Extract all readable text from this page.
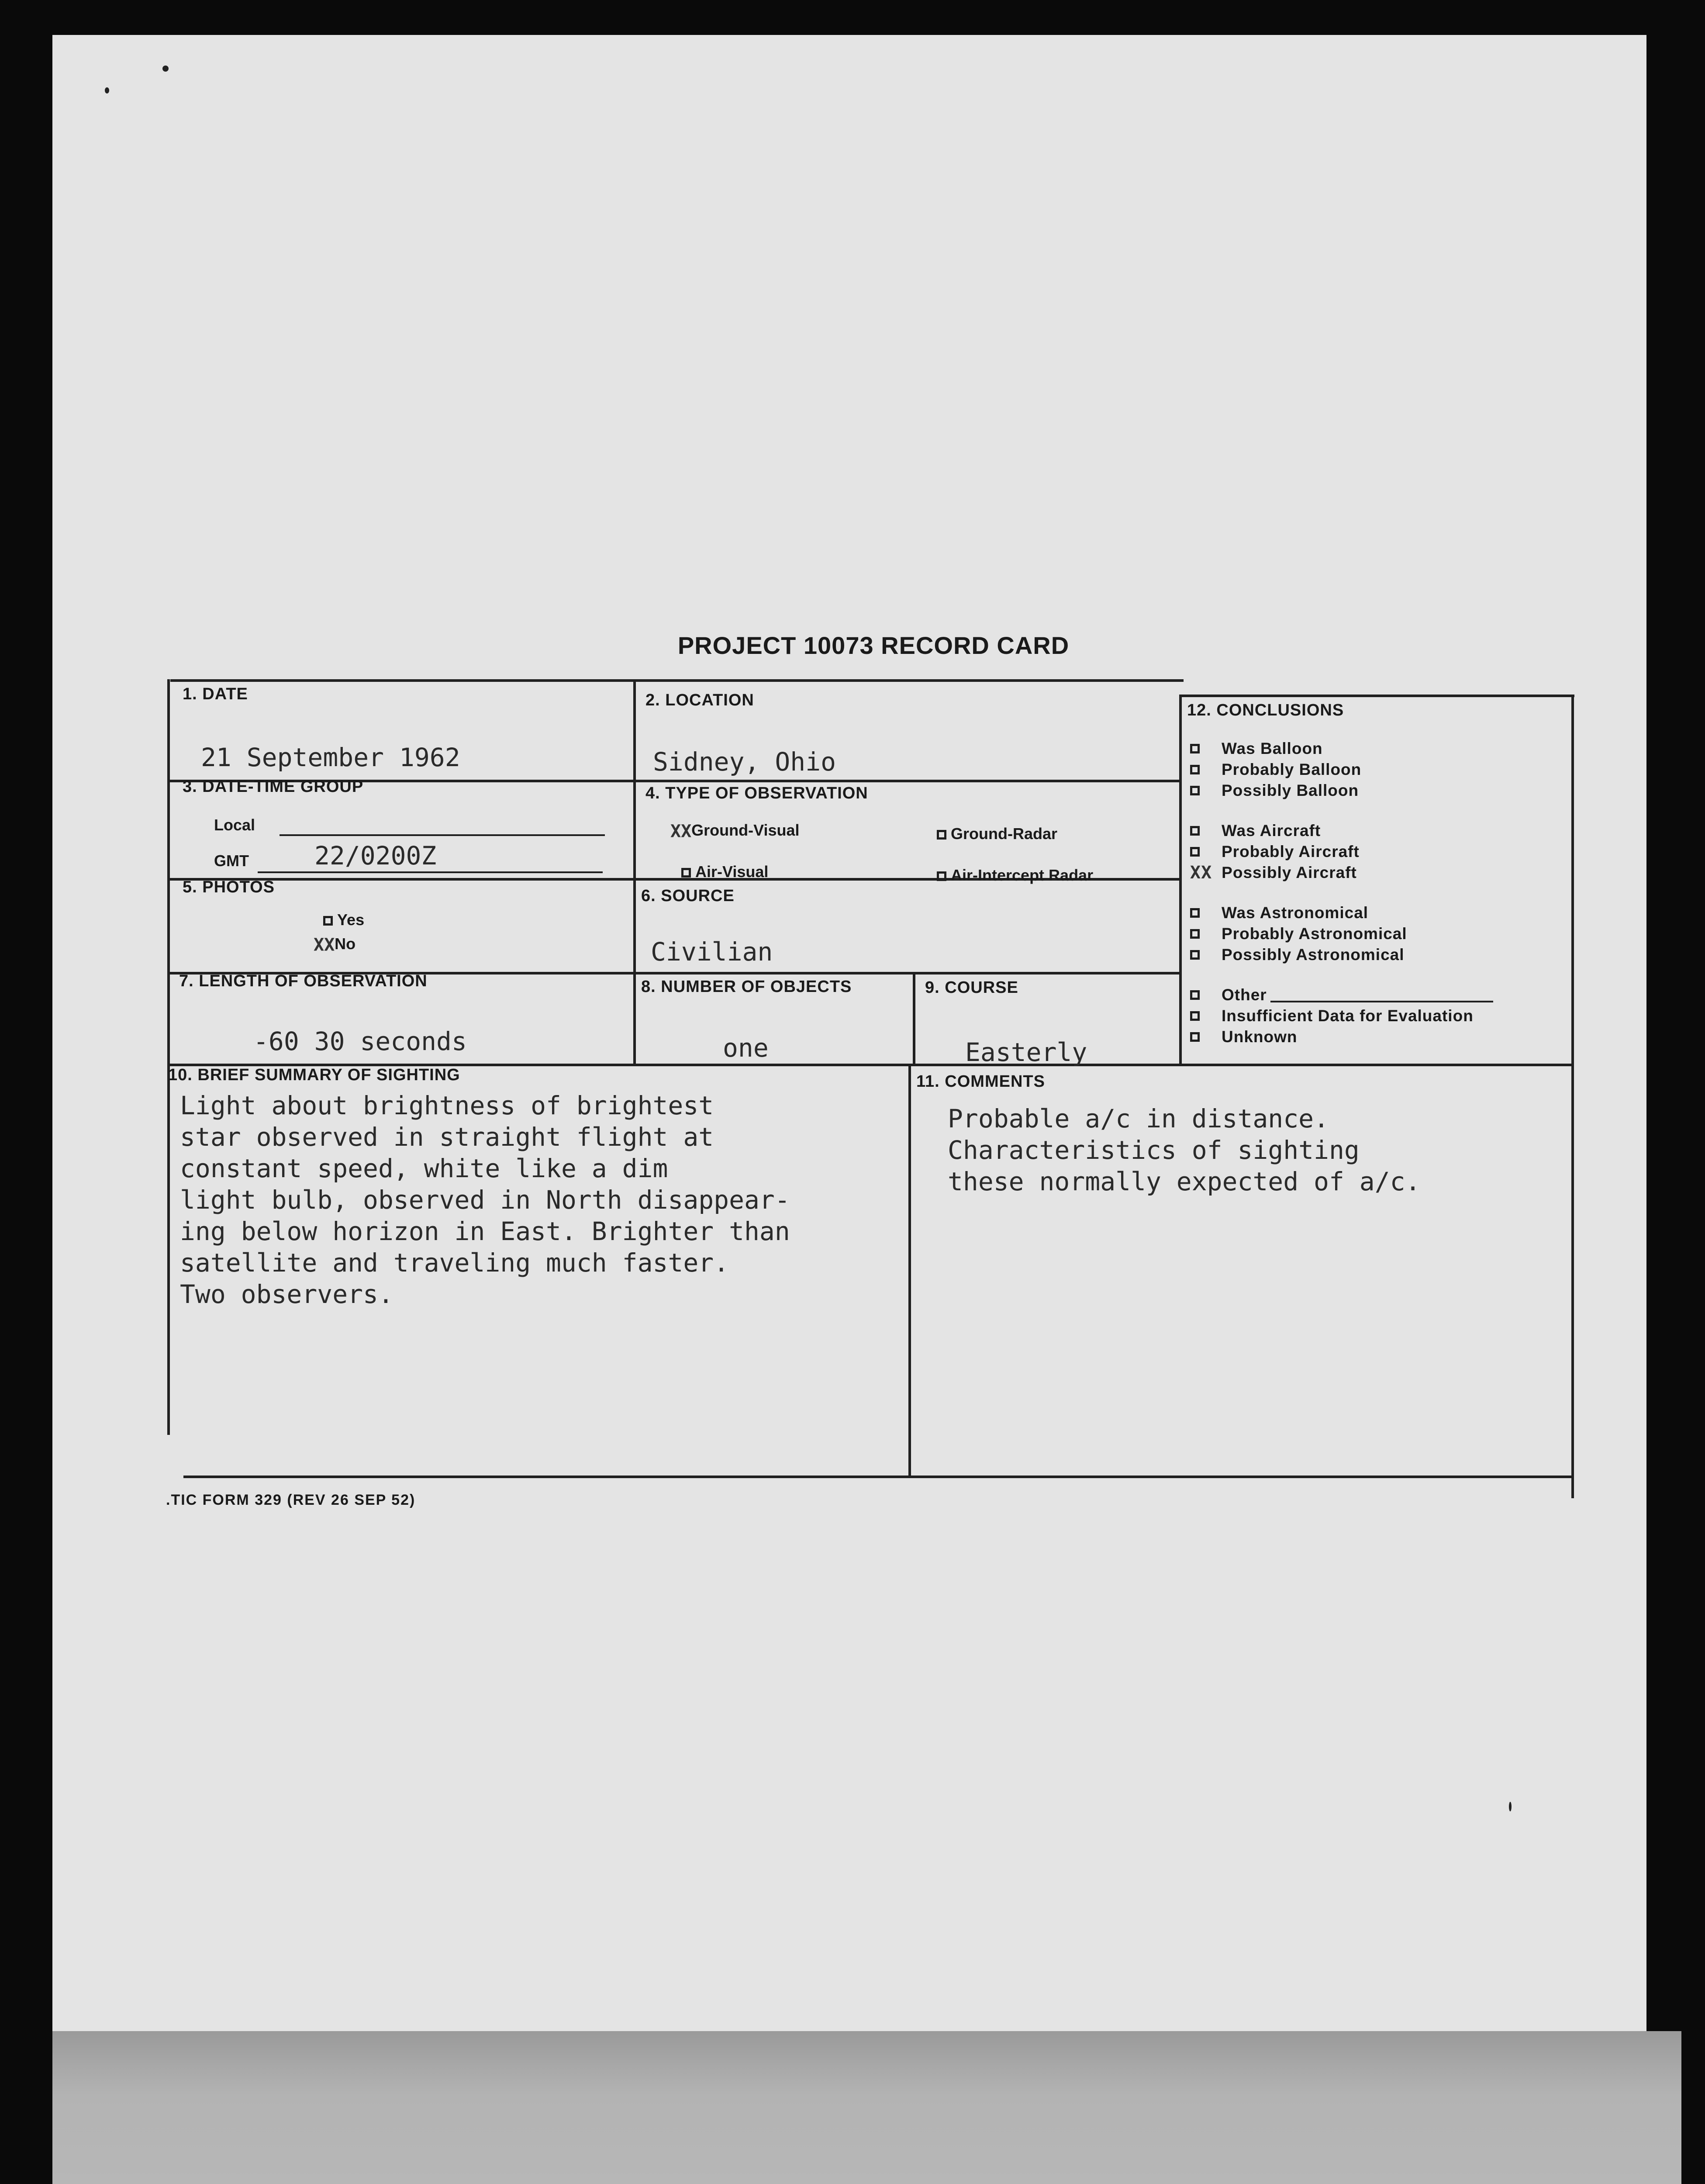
PROJECT 10073 RECORD CARD
1. DATE
21 September 1962
2. LOCATION
Sidney, Ohio
3. DATE-TIME GROUP
Local
GMT	22/0200Z
4. TYPE OF OBSERVATION
XXGround-Visual	Ground-Radar
Air-Visual	Air-Intercept Radar
5. PHOTOS
Yes
XXNo
6. SOURCE
Civilian
7. LENGTH OF OBSERVATION
-60 30 seconds
8. NUMBER OF OBJECTS
one
9. COURSE
Easterly
10. BRIEF SUMMARY OF SIGHTING
Light about brightness of brightest
star observed in straight flight at
constant speed, white like a dim
light bulb, observed in North disappear-
ing below horizon in East. Brighter than
satellite and traveling much faster.
Two observers.
11. COMMENTS
Probable a/c in distance.
Characteristics of sighting
these normally expected of a/c.
12. CONCLUSIONS
Was Balloon
Probably Balloon
Possibly Balloon
Was Aircraft
Probably Aircraft
XX Possibly Aircraft
Was Astronomical
Probably Astronomical
Possibly Astronomical
Other
Insufficient Data for Evaluation
Unknown
.TIC FORM 329 (REV 26 SEP 52)
